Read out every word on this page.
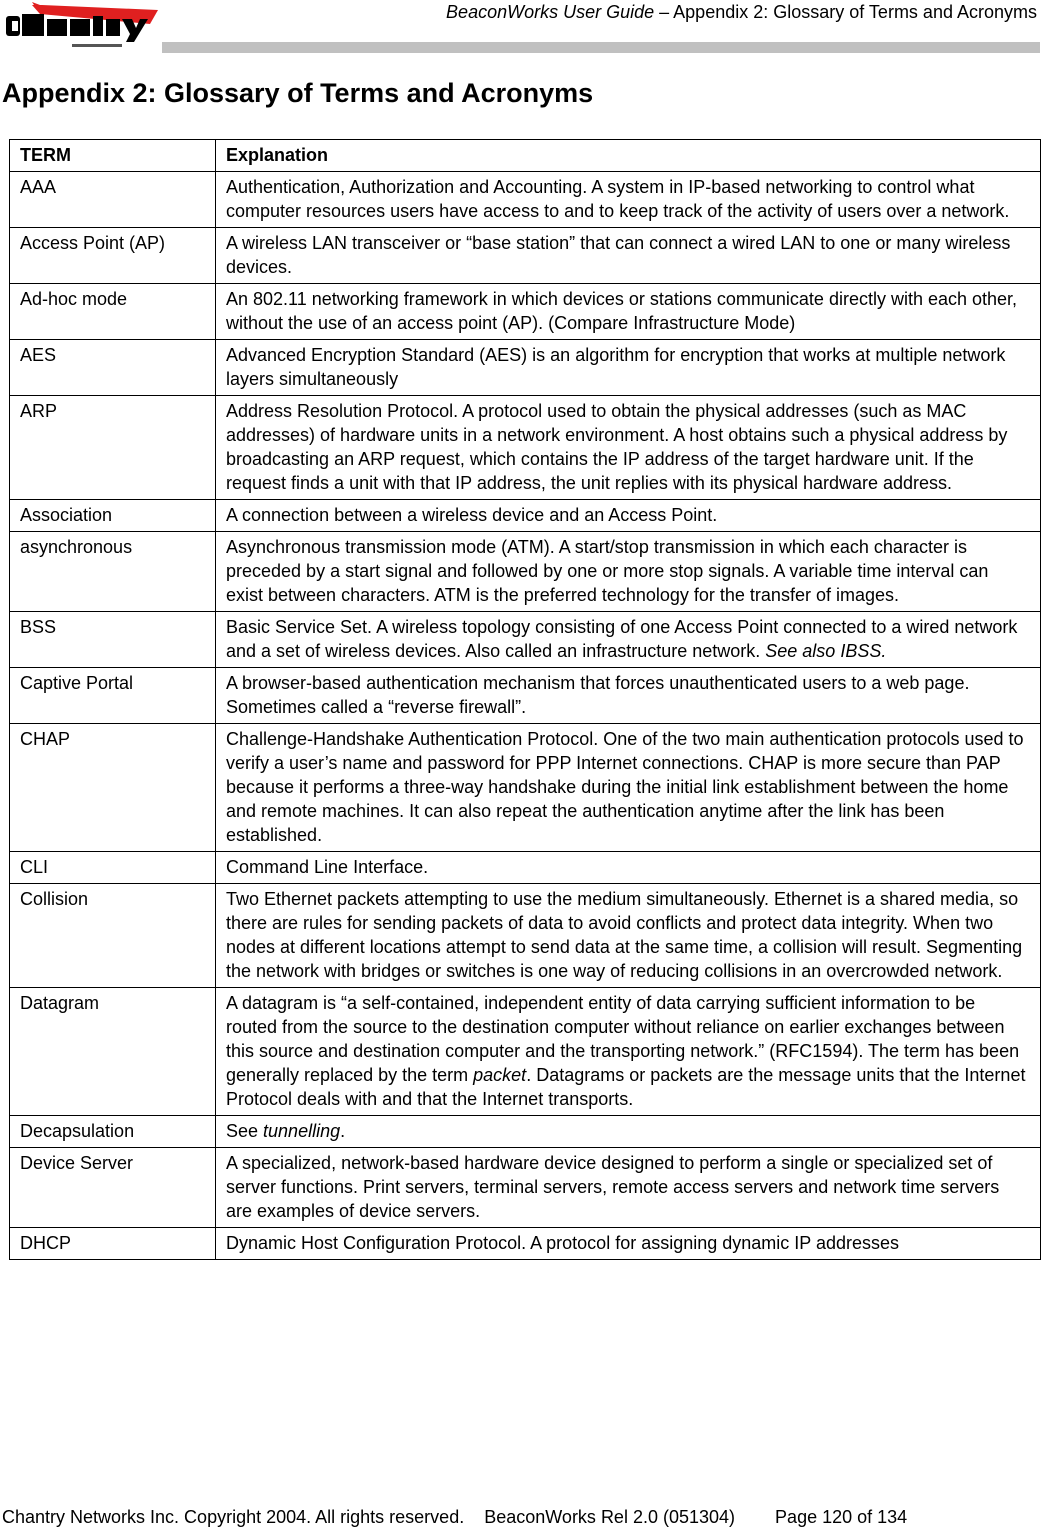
BeaconWorks User Guide – Appendix 2: Glossary of Terms and Acronyms
Appendix 2: Glossary of Terms and Acronyms
TERM	Explanation
AAA	Authentication, Authorization and Accounting. A system in IP-based networking to control what computer resources users have access to and to keep track of the activity of users over a network.
Access Point (AP)	A wireless LAN transceiver or “base station” that can connect a wired LAN to one or many wireless devices.
Ad-hoc mode	An 802.11 networking framework in which devices or stations communicate directly with each other, without the use of an access point (AP). (Compare Infrastructure Mode)
AES	Advanced Encryption Standard (AES) is an algorithm for encryption that works at multiple network layers simultaneously
ARP	Address Resolution Protocol. A protocol used to obtain the physical addresses (such as MAC addresses) of hardware units in a network environment. A host obtains such a physical address by broadcasting an ARP request, which contains the IP address of the target hardware unit. If the request finds a unit with that IP address, the unit replies with its physical hardware address.
Association	A connection between a wireless device and an Access Point.
asynchronous	Asynchronous transmission mode (ATM). A start/stop transmission in which each character is preceded by a start signal and followed by one or more stop signals. A variable time interval can exist between characters. ATM is the preferred technology for the transfer of images.
BSS	Basic Service Set. A wireless topology consisting of one Access Point connected to a wired network and a set of wireless devices. Also called an infrastructure network. See also IBSS.
Captive Portal	A browser-based authentication mechanism that forces unauthenticated users to a web page. Sometimes called a “reverse firewall”.
CHAP	Challenge-Handshake Authentication Protocol. One of the two main authentication protocols used to verify a user’s name and password for PPP Internet connections. CHAP is more secure than PAP because it performs a three-way handshake during the initial link establishment between the home and remote machines. It can also repeat the authentication anytime after the link has been established.
CLI	Command Line Interface.
Collision	Two Ethernet packets attempting to use the medium simultaneously. Ethernet is a shared media, so there are rules for sending packets of data to avoid conflicts and protect data integrity. When two nodes at different locations attempt to send data at the same time, a collision will result. Segmenting the network with bridges or switches is one way of reducing collisions in an overcrowded network.
Datagram	A datagram is “a self-contained, independent entity of data carrying sufficient information to be routed from the source to the destination computer without reliance on earlier exchanges between this source and destination computer and the transporting network.” (RFC1594). The term has been generally replaced by the term packet. Datagrams or packets are the message units that the Internet Protocol deals with and that the Internet transports.
Decapsulation	See tunnelling.
Device Server	A specialized, network-based hardware device designed to perform a single or specialized set of server functions. Print servers, terminal servers, remote access servers and network time servers are examples of device servers.
DHCP	Dynamic Host Configuration Protocol. A protocol for assigning dynamic IP addresses
Chantry Networks Inc. Copyright 2004. All rights reserved. BeaconWorks Rel 2.0 (051304) Page 120 of 134
